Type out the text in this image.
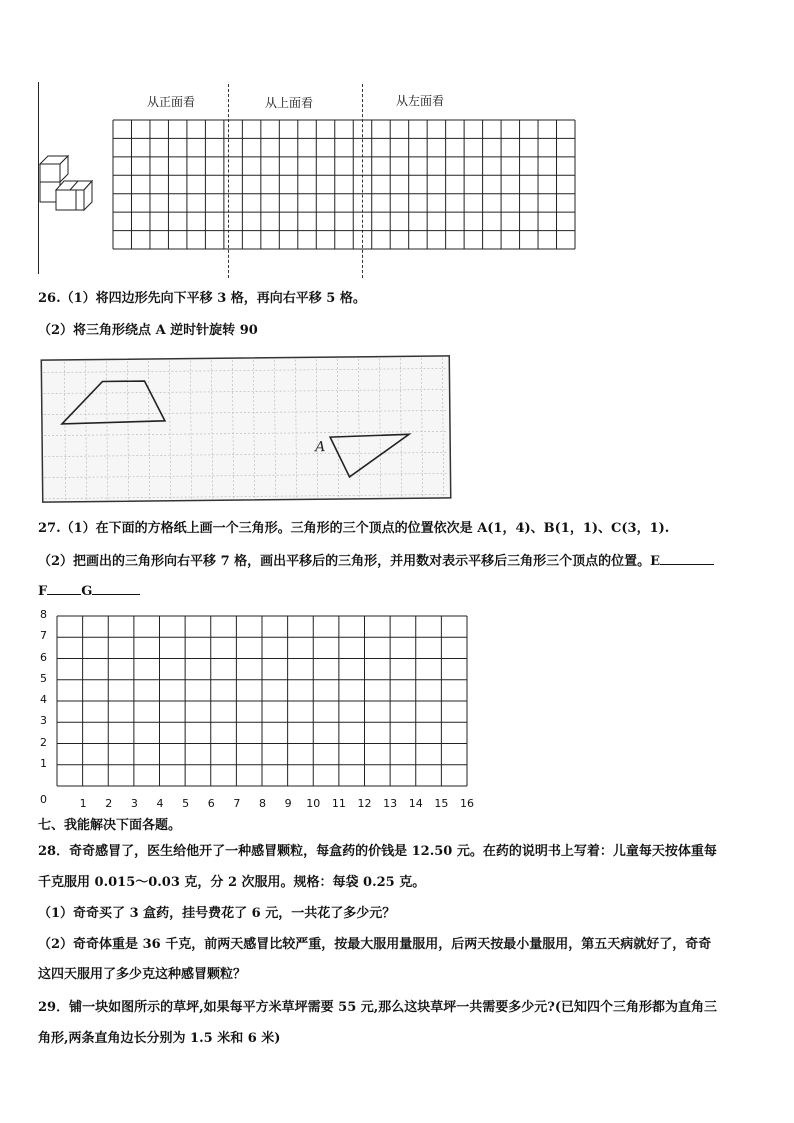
从正面看	从上面看	从左面看
26.（1）将四边形先向下平移 3 格，再向右平移 5 格。
（2）将三角形绕点 A 逆时针旋转 90
A
27.（1）在下面的方格纸上画一个三角形。三角形的三个顶点的位置依次是 A(1，4)、B(1，1)、C(3，1).
（2）把画出的三角形向右平移 7 格，画出平移后的三角形，并用数对表示平移后三角形三个顶点的位置。E
F	G
8
7
6
5
4
3
2
1
0	1 2 3 4 5 6 7 8 9 10 11 12 13 14 15 16
七、我能解决下面各题。
28．奇奇感冒了，医生给他开了一种感冒颗粒，每盒药的价钱是 12.50 元。在药的说明书上写着：儿童每天按体重每
千克服用 0.015～0.03 克，分 2 次服用。规格：每袋 0.25 克。
（1）奇奇买了 3 盒药，挂号费花了 6 元，一共花了多少元？
（2）奇奇体重是 36 千克，前两天感冒比较严重，按最大服用量服用，后两天按最小量服用，第五天病就好了，奇奇
这四天服用了多少克这种感冒颗粒？
29．铺一块如图所示的草坪,如果每平方米草坪需要 55 元,那么这块草坪一共需要多少元?(已知四个三角形都为直角三
角形,两条直角边长分别为 1.5 米和 6 米)
